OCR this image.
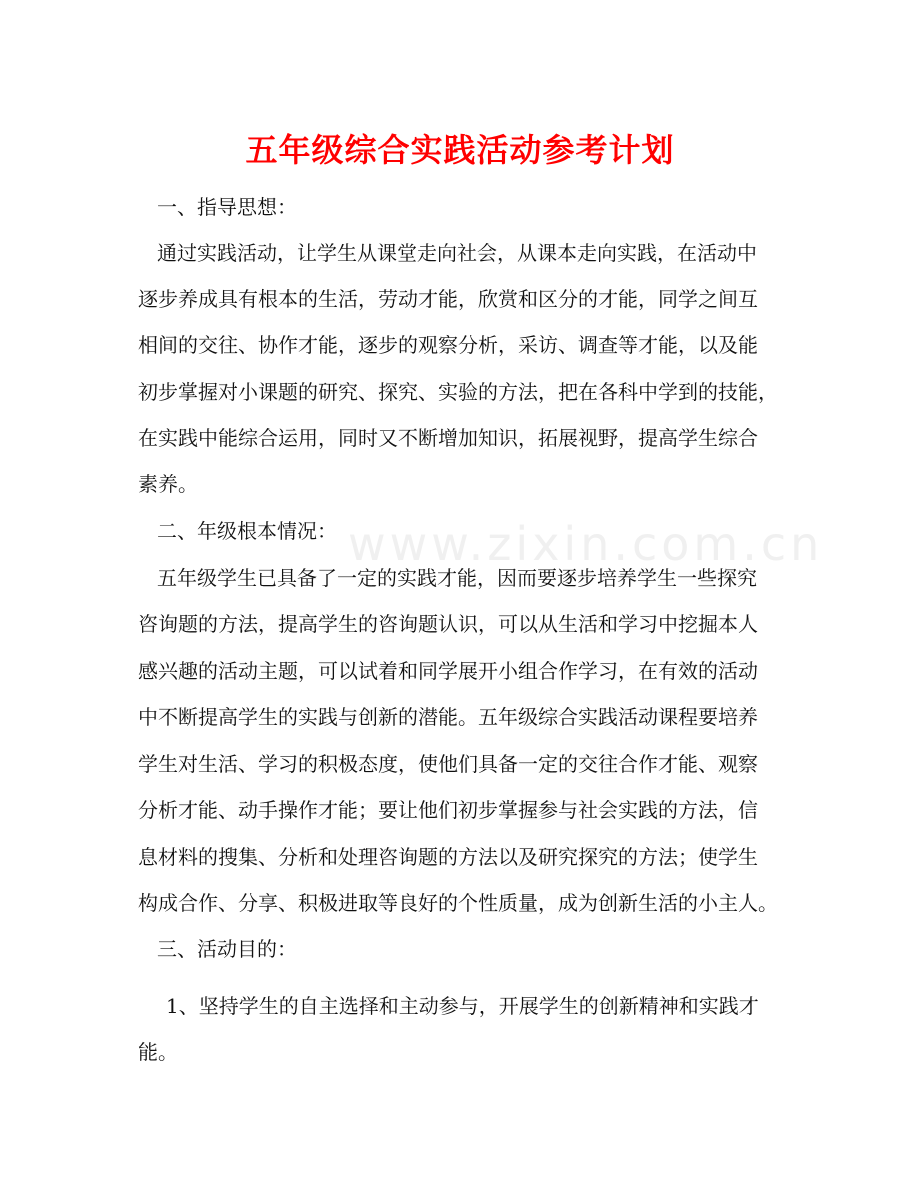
www.zixin.com.cn
五年级综合实践活动参考计划

一、指导思想：

通过实践活动，让学生从课堂走向社会，从课本走向实践，在活动中

逐步养成具有根本的生活，劳动才能，欣赏和区分的才能，同学之间互

相间的交往、协作才能，逐步的观察分析，采访、调查等才能，以及能

初步掌握对小课题的研究、探究、实验的方法，把在各科中学到的技能，

在实践中能综合运用，同时又不断增加知识，拓展视野，提高学生综合

素养。

二、年级根本情况：

五年级学生已具备了一定的实践才能，因而要逐步培养学生一些探究

咨询题的方法，提高学生的咨询题认识，可以从生活和学习中挖掘本人

感兴趣的活动主题，可以试着和同学展开小组合作学习，在有效的活动

中不断提高学生的实践与创新的潜能。五年级综合实践活动课程要培养

学生对生活、学习的积极态度，使他们具备一定的交往合作才能、观察

分析才能、动手操作才能；要让他们初步掌握参与社会实践的方法，信

息材料的搜集、分析和处理咨询题的方法以及研究探究的方法；使学生

构成合作、分享、积极进取等良好的个性质量，成为创新生活的小主人。

三、活动目的：

1、坚持学生的自主选择和主动参与，开展学生的创新精神和实践才

能。
